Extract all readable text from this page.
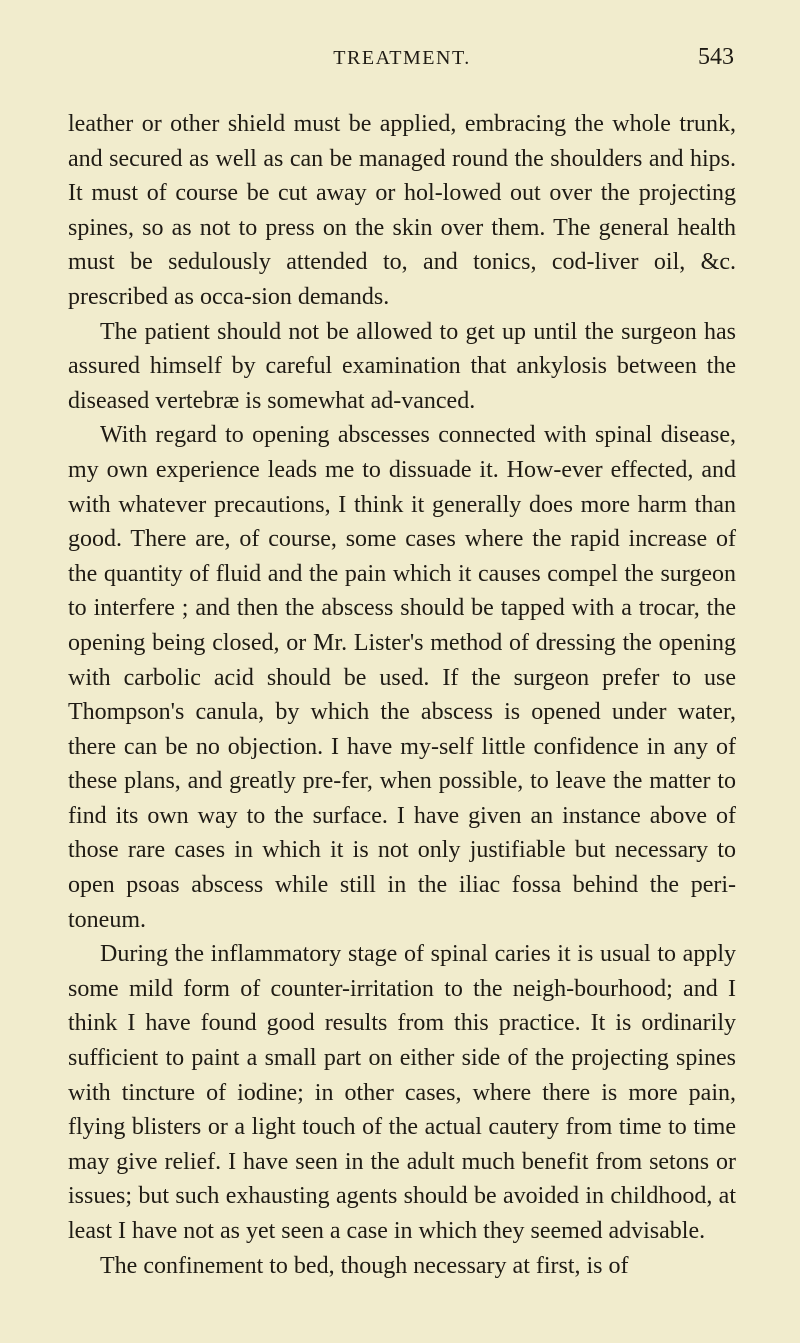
TREATMENT.	543

leather or other shield must be applied, embracing the whole trunk, and secured as well as can be managed round the shoulders and hips. It must of course be cut away or hol-lowed out over the projecting spines, so as not to press on the skin over them. The general health must be sedulously attended to, and tonics, cod-liver oil, &c. prescribed as occa-sion demands.

The patient should not be allowed to get up until the surgeon has assured himself by careful examination that ankylosis between the diseased vertebræ is somewhat ad-vanced.

With regard to opening abscesses connected with spinal disease, my own experience leads me to dissuade it. How-ever effected, and with whatever precautions, I think it generally does more harm than good. There are, of course, some cases where the rapid increase of the quantity of fluid and the pain which it causes compel the surgeon to interfere ; and then the abscess should be tapped with a trocar, the opening being closed, or Mr. Lister's method of dressing the opening with carbolic acid should be used. If the surgeon prefer to use Thompson's canula, by which the abscess is opened under water, there can be no objection. I have my-self little confidence in any of these plans, and greatly pre-fer, when possible, to leave the matter to find its own way to the surface. I have given an instance above of those rare cases in which it is not only justifiable but necessary to open psoas abscess while still in the iliac fossa behind the peri-toneum.

During the inflammatory stage of spinal caries it is usual to apply some mild form of counter-irritation to the neigh-bourhood; and I think I have found good results from this practice. It is ordinarily sufficient to paint a small part on either side of the projecting spines with tincture of iodine; in other cases, where there is more pain, flying blisters or a light touch of the actual cautery from time to time may give relief. I have seen in the adult much benefit from setons or issues; but such exhausting agents should be avoided in childhood, at least I have not as yet seen a case in which they seemed advisable.

The confinement to bed, though necessary at first, is of
